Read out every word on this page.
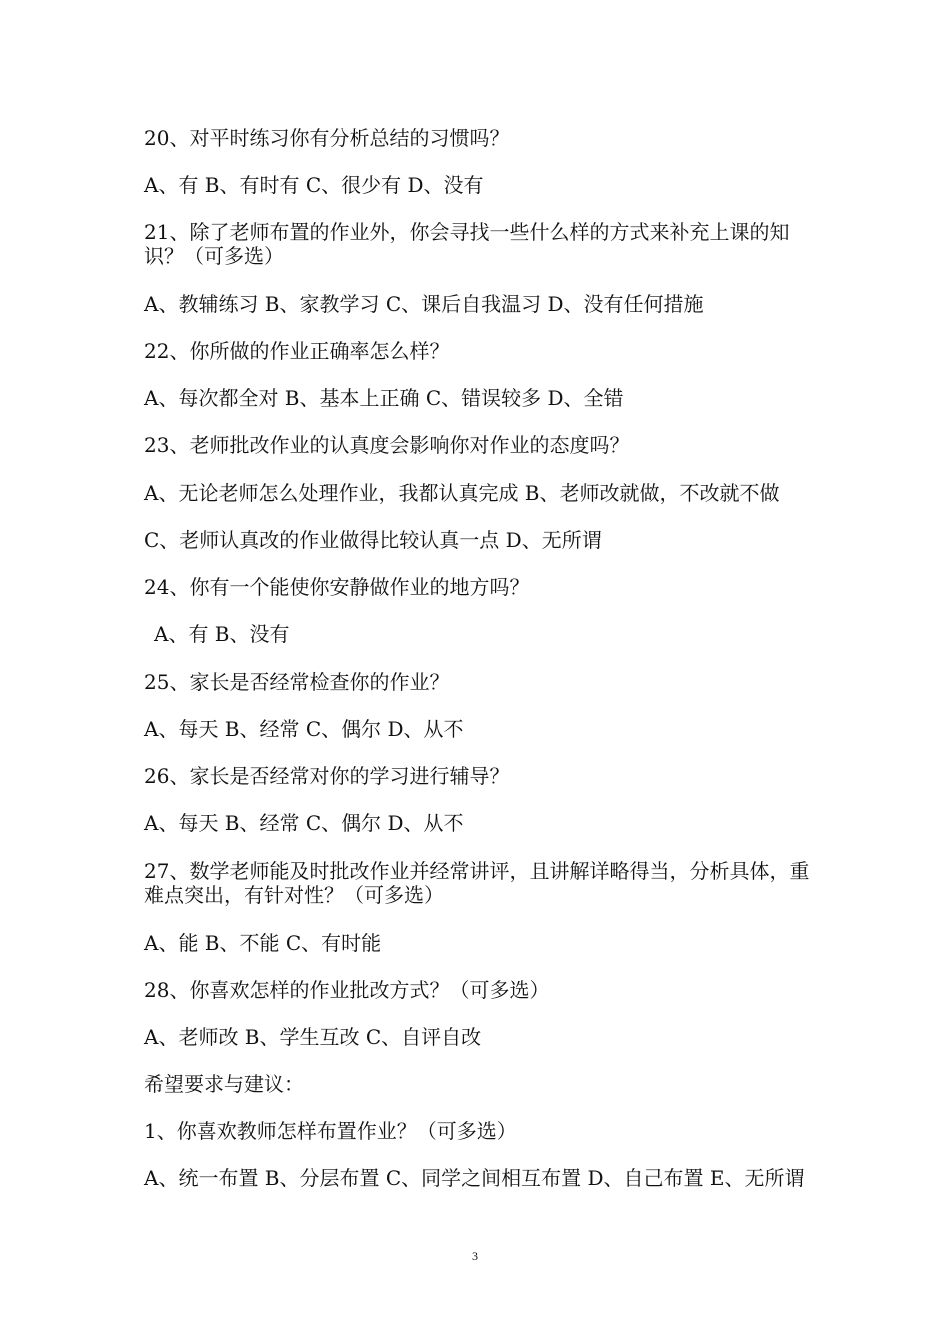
20、对平时练习你有分析总结的习惯吗？
A、有 B、有时有 C、很少有 D、没有
21、除了老师布置的作业外，你会寻找一些什么样的方式来补充上课的知识？（可多选）
A、教辅练习 B、家教学习 C、课后自我温习 D、没有任何措施
22、你所做的作业正确率怎么样？
A、每次都全对 B、基本上正确 C、错误较多 D、全错
23、老师批改作业的认真度会影响你对作业的态度吗？
A、无论老师怎么处理作业，我都认真完成 B、老师改就做，不改就不做
C、老师认真改的作业做得比较认真一点 D、无所谓
24、你有一个能使你安静做作业的地方吗？
A、有 B、没有
25、家长是否经常检查你的作业？
A、每天 B、经常 C、偶尔 D、从不
26、家长是否经常对你的学习进行辅导？
A、每天 B、经常 C、偶尔 D、从不
27、数学老师能及时批改作业并经常讲评，且讲解详略得当，分析具体，重难点突出，有针对性？（可多选）
A、能 B、不能 C、有时能
28、你喜欢怎样的作业批改方式？（可多选）
A、老师改 B、学生互改 C、自评自改
希望要求与建议：
1、你喜欢教师怎样布置作业？（可多选）
A、统一布置 B、分层布置 C、同学之间相互布置 D、自己布置 E、无所谓
3
